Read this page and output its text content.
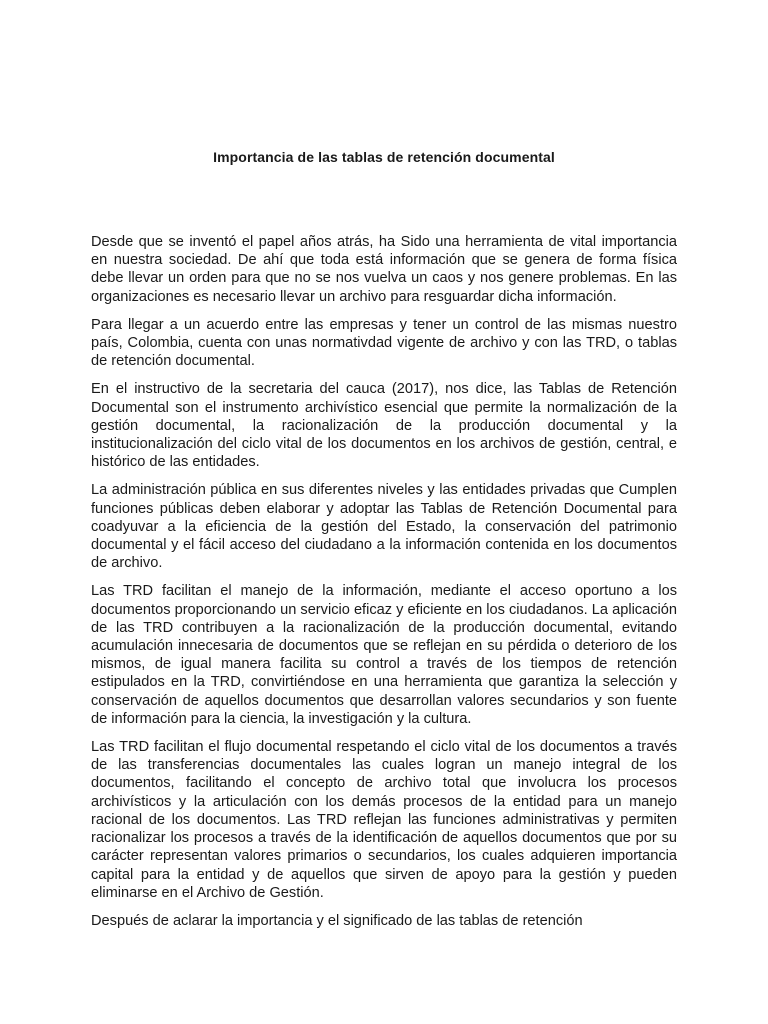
Importancia de las tablas de retención documental

Desde que se inventó el papel años atrás, ha Sido una herramienta de vital importancia en nuestra sociedad. De ahí que toda está información que se genera de forma física debe llevar un orden para que no se nos vuelva un caos y nos genere problemas. En las organizaciones es necesario llevar un archivo para resguardar dicha información.

Para llegar a un acuerdo entre las empresas y tener un control de las mismas nuestro país, Colombia, cuenta con unas normativdad vigente de archivo y con las TRD, o tablas de retención documental.

En el instructivo de la secretaria del cauca (2017), nos dice, las Tablas de Retención Documental son el instrumento archivístico esencial que permite la normalización de la gestión documental, la racionalización de la producción documental y la institucionalización del ciclo vital de los documentos en los archivos de gestión, central, e histórico de las entidades.

La administración pública en sus diferentes niveles y las entidades privadas que Cumplen funciones públicas deben elaborar y adoptar las Tablas de Retención Documental para coadyuvar a la eficiencia de la gestión del Estado, la conservación del patrimonio documental y el fácil acceso del ciudadano a la información contenida en los documentos de archivo.

Las TRD facilitan el manejo de la información, mediante el acceso oportuno a los documentos proporcionando un servicio eficaz y eficiente en los ciudadanos. La aplicación de las TRD contribuyen a la racionalización de la producción documental, evitando acumulación innecesaria de documentos que se reflejan en su pérdida o deterioro de los mismos, de igual manera facilita su control a través de los tiempos de retención estipulados en la TRD, convirtiéndose en una herramienta que garantiza la selección y conservación de aquellos documentos que desarrollan valores secundarios y son fuente de información para la ciencia, la investigación y la cultura.

Las TRD facilitan el flujo documental respetando el ciclo vital de los documentos a través de las transferencias documentales las cuales logran un manejo integral de los documentos, facilitando el concepto de archivo total que involucra los procesos archivísticos y la articulación con los demás procesos de la entidad para un manejo racional de los documentos. Las TRD reflejan las funciones administrativas y permiten racionalizar los procesos a través de la identificación de aquellos documentos que por su carácter representan valores primarios o secundarios, los cuales adquieren importancia capital para la entidad y de aquellos que sirven de apoyo para la gestión y pueden eliminarse en el Archivo de Gestión.

Después de aclarar la importancia y el significado de las tablas de retención
